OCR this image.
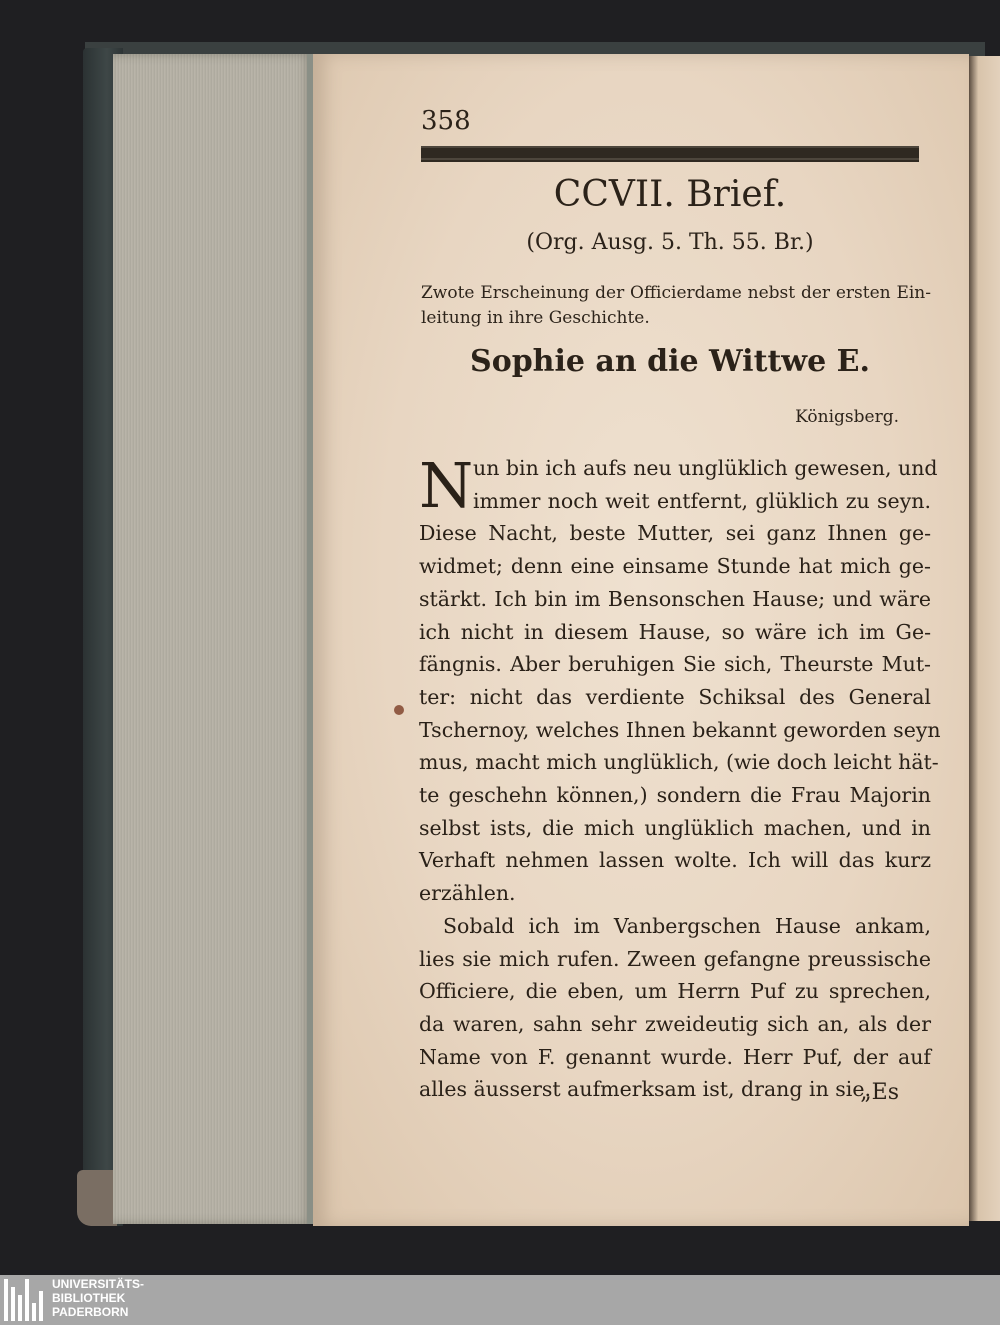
358

CCVII. Brief.

(Org. Ausg. 5. Th. 55. Br.)

Zwote Erscheinung der Officierdame nebst der ersten Ein- leitung in ihre Geschichte.

Sophie an die Wittwe E.

Königsberg.

N un bin ich aufs neu unglüklich gewesen, und
immer noch weit entfernt, glüklich zu seyn.
Diese Nacht, beste Mutter, sei ganz Ihnen ge-
widmet; denn eine einsame Stunde hat mich ge-
stärkt. Ich bin im Bensonschen Hause; und wäre
ich nicht in diesem Hause, so wäre ich im Ge-
fängnis. Aber beruhigen Sie sich, Theurste Mut-
ter: nicht das verdiente Schiksal des General
Tschernoy, welches Ihnen bekannt geworden seyn
mus, macht mich unglüklich, (wie doch leicht hät-
te geschehn können,) sondern die Frau Majorin
selbst ists, die mich unglüklich machen, und in
Verhaft nehmen lassen wolte. Ich will das kurz
erzählen.
Sobald ich im Vanbergschen Hause ankam,
lies sie mich rufen. Zween gefangne preussische
Officiere, die eben, um Herrn Puf zu sprechen,
da waren, sahn sehr zweideutig sich an, als der
Name von F. genannt wurde. Herr Puf, der auf
alles äusserst aufmerksam ist, drang in sie.

„Es

UNIVERSITÄTS-
BIBLIOTHEK
PADERBORN
